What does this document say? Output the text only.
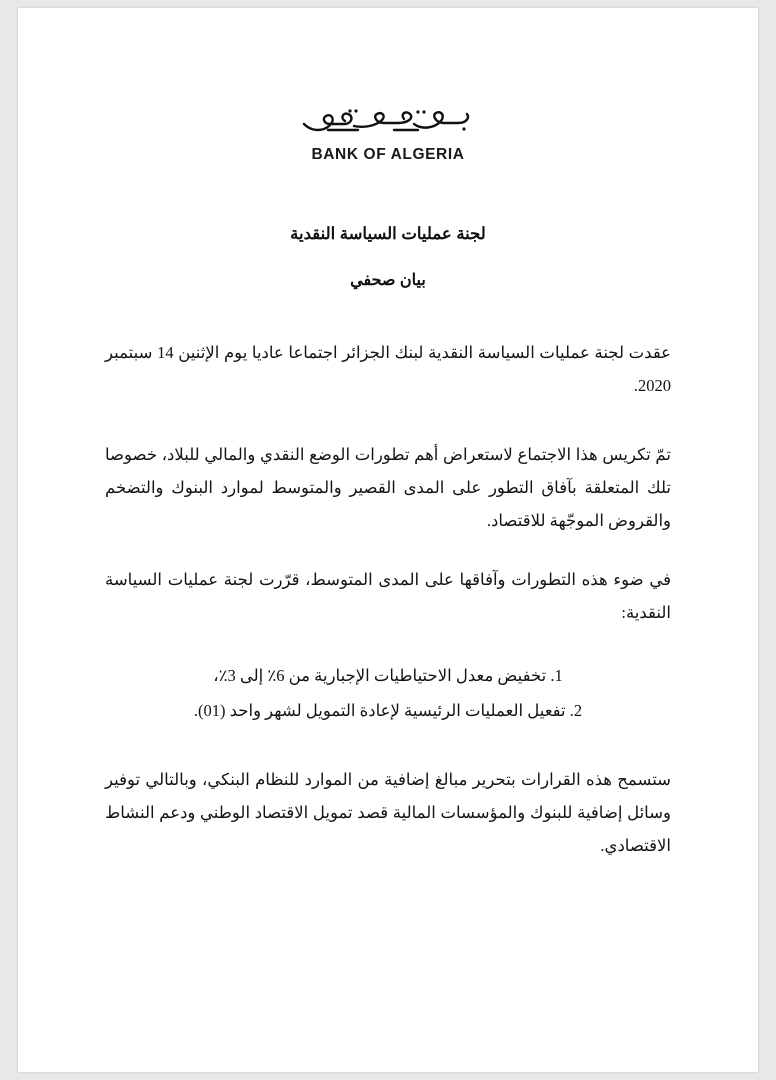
BANK OF ALGERIA
لجنة عمليات السياسة النقدية
بيان صحفي

عقدت لجنة عمليات السياسة النقدية لبنك الجزائر اجتماعا عاديا يوم الإثنين 14 سبتمبر 2020.

تمّ تكريس هذا الاجتماع لاستعراض أهم تطورات الوضع النقدي والمالي للبلاد، خصوصا تلك المتعلقة بآفاق التطور على المدى القصير والمتوسط لموارد البنوك والتضخم والقروض الموجّهة للاقتصاد.

في ضوء هذه التطورات وآفاقها على المدى المتوسط، قرّرت لجنة عمليات السياسة النقدية:

1. تخفيض معدل الاحتياطيات الإجبارية من 6٪ إلى 3٪،
2. تفعيل العمليات الرئيسية لإعادة التمويل لشهر واحد (01).

ستسمح هذه القرارات بتحرير مبالغ إضافية من الموارد للنظام البنكي، وبالتالي توفير وسائل إضافية للبنوك والمؤسسات المالية قصد تمويل الاقتصاد الوطني ودعم النشاط الاقتصادي.
